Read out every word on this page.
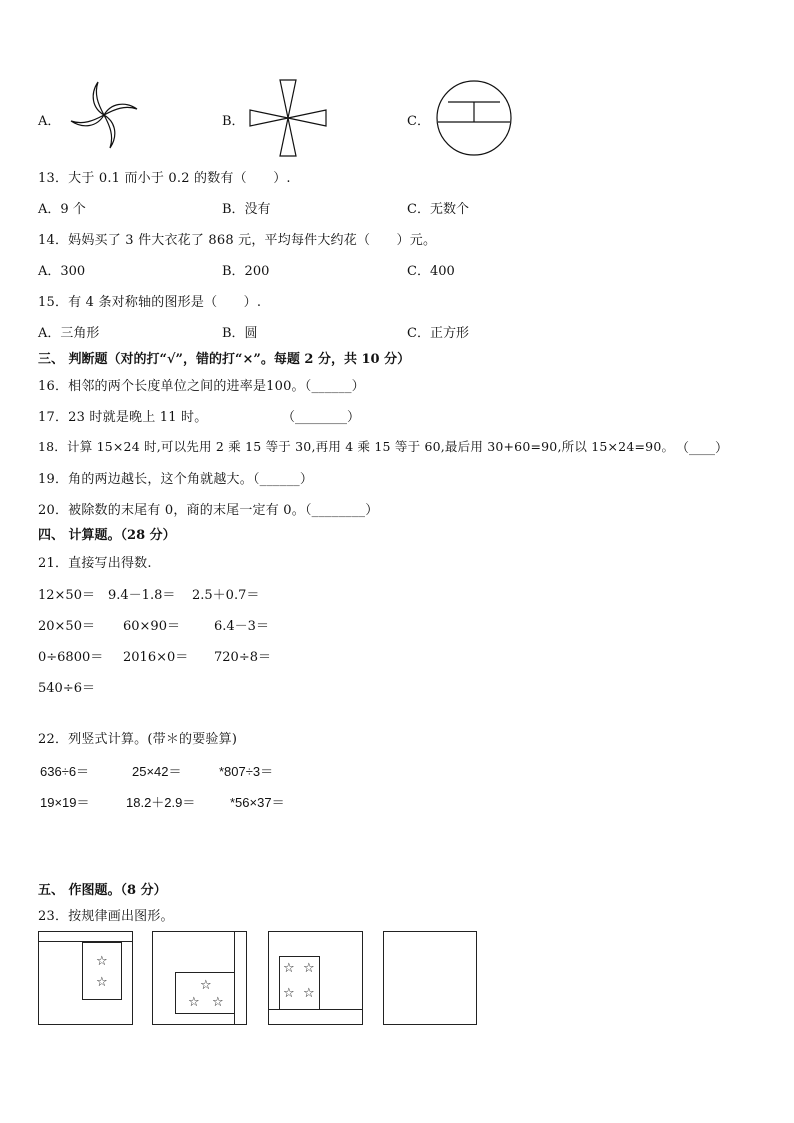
A．	B．	C．
13．大于 0.1 而小于 0.2 的数有（　　）.
A．9 个	B．没有	C．无数个
14．妈妈买了 3 件大衣花了 868 元，平均每件大约花（　　）元。
A．300	B．200	C．400
15．有 4 条对称轴的图形是（　　）.
A．三角形	B．圆	C．正方形
三、 判断题（对的打“√”，错的打“×”。每题 2 分，共 10 分）
16．相邻的两个长度单位之间的进率是100。（______）
17．23 时就是晚上 11 时。	（________）
18．计算 15×24 时,可以先用 2 乘 15 等于 30,再用 4 乘 15 等于 60,最后用 30+60=90,所以 15×24=90。 （____）
19．角的两边越长，这个角就越大。（______）
20．被除数的末尾有 0，商的末尾一定有 0。（________）
四、 计算题。（28 分）
21．直接写出得数.
12×50＝ 9.4－1.8＝ 2.5＋0.7＝
20×50＝ 60×90＝	6.4－3＝
0÷6800＝ 2016×0＝ 720÷8＝
540÷6＝
22．列竖式计算。(带＊的要验算)
636÷6＝	25×42＝	*807÷3＝
19×19＝	18.2＋2.9＝	*56×37＝
五、 作图题。（8 分）
23．按规律画出图形。
☆
☆	☆
☆ ☆
☆ ☆
☆ ☆
